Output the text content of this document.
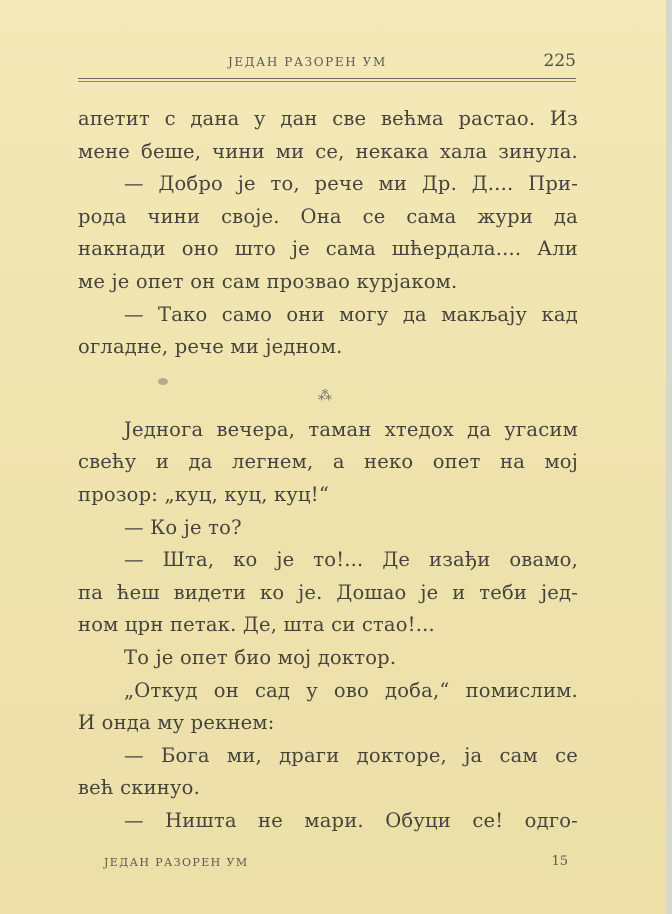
ЈЕДАН РАЗОРЕН УМ	225
апетит с дана у дан све већма растао. Из
мене беше, чини ми се, некака хала зинула.
— Добро је то, рече ми Др. Д.... При-
рода чини своје. Она се сама жури да
накнади оно што је сама шћердала.... Али
ме је опет он сам прозвао курјаком.
— Тако само они могу да макљају кад
огладне, рече ми једном.
Једнога вечера, таман хтедох да угасим
свећу и да легнем, а неко опет на мој
прозор: „куц, куц, куц!“
— Ко је то?
— Шта, ко је то!... Де изађи овамо,
па ћеш видети ко је. Дошао је и теби јед-
ном црн петак. Де, шта си стао!...
То је опет био мој доктор.
„Откуд он сад у ово доба,“ помислим.
И онда му рекнем:
— Бога ми, драги докторе, ја сам се
већ скинуо.
— Ништа не мари. Обуци се! одго-
⁂
ЈЕДАН РАЗОРЕН УМ	15
